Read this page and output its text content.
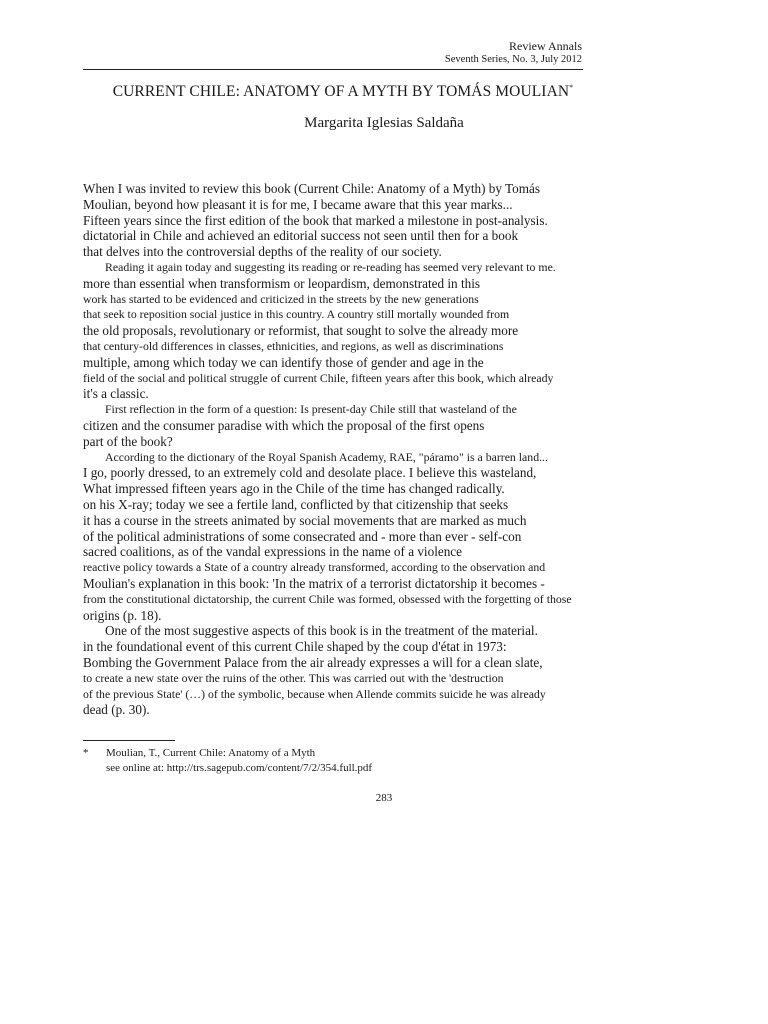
Review Annals
Seventh Series, No. 3, July 2012
CURRENT CHILE: ANATOMY OF A MYTH BY TOMÁS MOULIAN*
Margarita Iglesias Saldaña
When I was invited to review this book (Current Chile: Anatomy of a Myth) by Tomás
Moulian, beyond how pleasant it is for me, I became aware that this year marks...
Fifteen years since the first edition of the book that marked a milestone in post-analysis.
dictatorial in Chile and achieved an editorial success not seen until then for a book
that delves into the controversial depths of the reality of our society.
Reading it again today and suggesting its reading or re-reading has seemed very relevant to me.
more than essential when transformism or leopardism, demonstrated in this
work has started to be evidenced and criticized in the streets by the new generations
that seek to reposition social justice in this country. A country still mortally wounded from
the old proposals, revolutionary or reformist, that sought to solve the already more
that century-old differences in classes, ethnicities, and regions, as well as discriminations
multiple, among which today we can identify those of gender and age in the
field of the social and political struggle of current Chile, fifteen years after this book, which already
it's a classic.
First reflection in the form of a question: Is present-day Chile still that wasteland of the
citizen and the consumer paradise with which the proposal of the first opens
part of the book?
According to the dictionary of the Royal Spanish Academy, RAE, "páramo" is a barren land...
I go, poorly dressed, to an extremely cold and desolate place. I believe this wasteland,
What impressed fifteen years ago in the Chile of the time has changed radically.
on his X-ray; today we see a fertile land, conflicted by that citizenship that seeks
it has a course in the streets animated by social movements that are marked as much
of the political administrations of some consecrated and - more than ever - self-con
sacred coalitions, as of the vandal expressions in the name of a violence
reactive policy towards a State of a country already transformed, according to the observation and
Moulian's explanation in this book: 'In the matrix of a terrorist dictatorship it becomes -
from the constitutional dictatorship, the current Chile was formed, obsessed with the forgetting of those
origins (p. 18).
One of the most suggestive aspects of this book is in the treatment of the material.
in the foundational event of this current Chile shaped by the coup d'état in 1973:
Bombing the Government Palace from the air already expresses a will for a clean slate,
to create a new state over the ruins of the other. This was carried out with the 'destruction
of the previous State' (…) of the symbolic, because when Allende commits suicide he was already
dead (p. 30).
*	Moulian, T., Current Chile: Anatomy of a Myth
see online at: http://trs.sagepub.com/content/7/2/354.full.pdf
283
